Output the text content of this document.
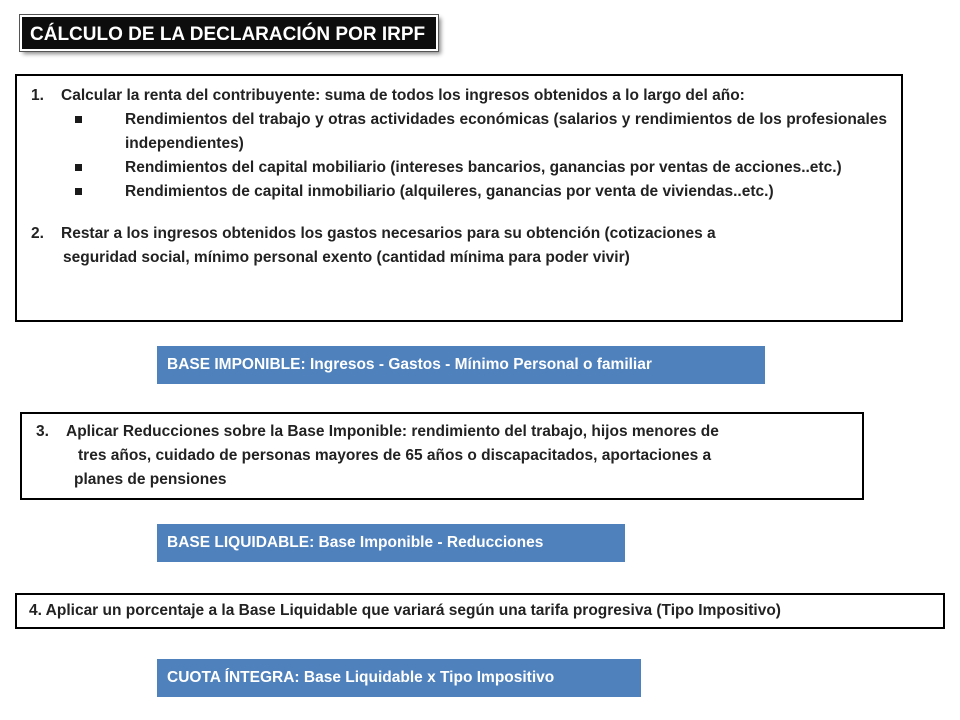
CÁLCULO DE LA DECLARACIÓN POR IRPF
1.	Calcular la renta del contribuyente: suma de todos los ingresos obtenidos a lo largo del año:
Rendimientos del trabajo y otras actividades económicas (salarios y rendimientos de los profesionales independientes)
Rendimientos del capital mobiliario (intereses bancarios, ganancias por ventas de acciones..etc.)
Rendimientos de capital inmobiliario (alquileres, ganancias por venta de viviendas..etc.)
2.	Restar a los ingresos obtenidos los gastos necesarios para su obtención (cotizaciones a
seguridad social, mínimo personal exento (cantidad mínima para poder vivir)
BASE IMPONIBLE: Ingresos - Gastos - Mínimo Personal o familiar
3.	Aplicar Reducciones sobre la Base Imponible: rendimiento del trabajo, hijos menores de
tres años, cuidado de personas mayores de 65 años o discapacitados, aportaciones a
planes de pensiones
BASE LIQUIDABLE: Base Imponible - Reducciones
4. Aplicar un porcentaje a la Base Liquidable que variará según una tarifa progresiva (Tipo Impositivo)
CUOTA ÍNTEGRA: Base Liquidable x Tipo Impositivo
